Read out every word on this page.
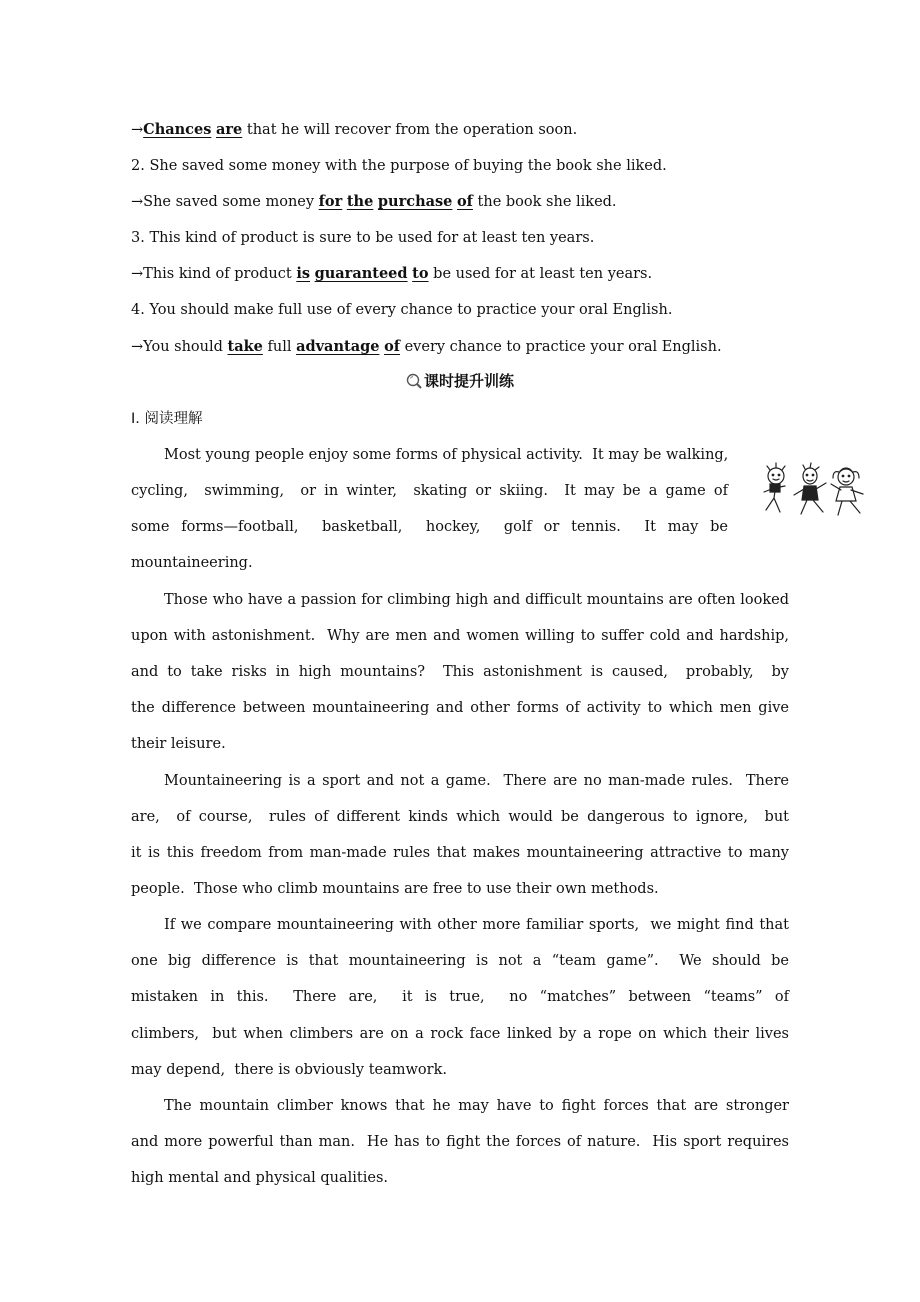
→Chances are that he will recover from the operation soon.
2. She saved some money with the purpose of buying the book she liked.
→She saved some money for the purchase of the book she liked.
3. This kind of product is sure to be used for at least ten years.
→This kind of product is guaranteed to be used for at least ten years.
4. You should make full use of every chance to practice your oral English.
→You should take full advantage of every chance to practice your oral English.
课时提升训练
Ⅰ. 阅读理解
Most young people enjoy some forms of physical activity.  It may be walking,
cycling,  swimming,  or in winter,  skating or skiing.  It may be a game of
some forms—football,  basketball,  hockey,  golf or tennis.  It may be
mountaineering.
Those who have a passion for climbing high and difficult mountains are often looked
upon with astonishment.  Why are men and women willing to suffer cold and hardship,
and to take risks in high mountains?  This astonishment is caused,  probably,  by
the difference between mountaineering and other forms of activity to which men give
their leisure.
Mountaineering is a sport and not a game.  There are no man-made rules.  There
are,  of course,  rules of different kinds which would be dangerous to ignore,  but
it is this freedom from man-made rules that makes mountaineering attractive to many
people.  Those who climb mountains are free to use their own methods.
If we compare mountaineering with other more familiar sports,  we might find that
one big difference is that mountaineering is not a “team game”.  We should be
mistaken in this.  There are,  it is true,  no “matches” between “teams” of
climbers,  but when climbers are on a rock face linked by a rope on which their lives
may depend,  there is obviously teamwork.
The mountain climber knows that he may have to fight forces that are stronger
and more powerful than man.  He has to fight the forces of nature.  His sport requires
high mental and physical qualities.
